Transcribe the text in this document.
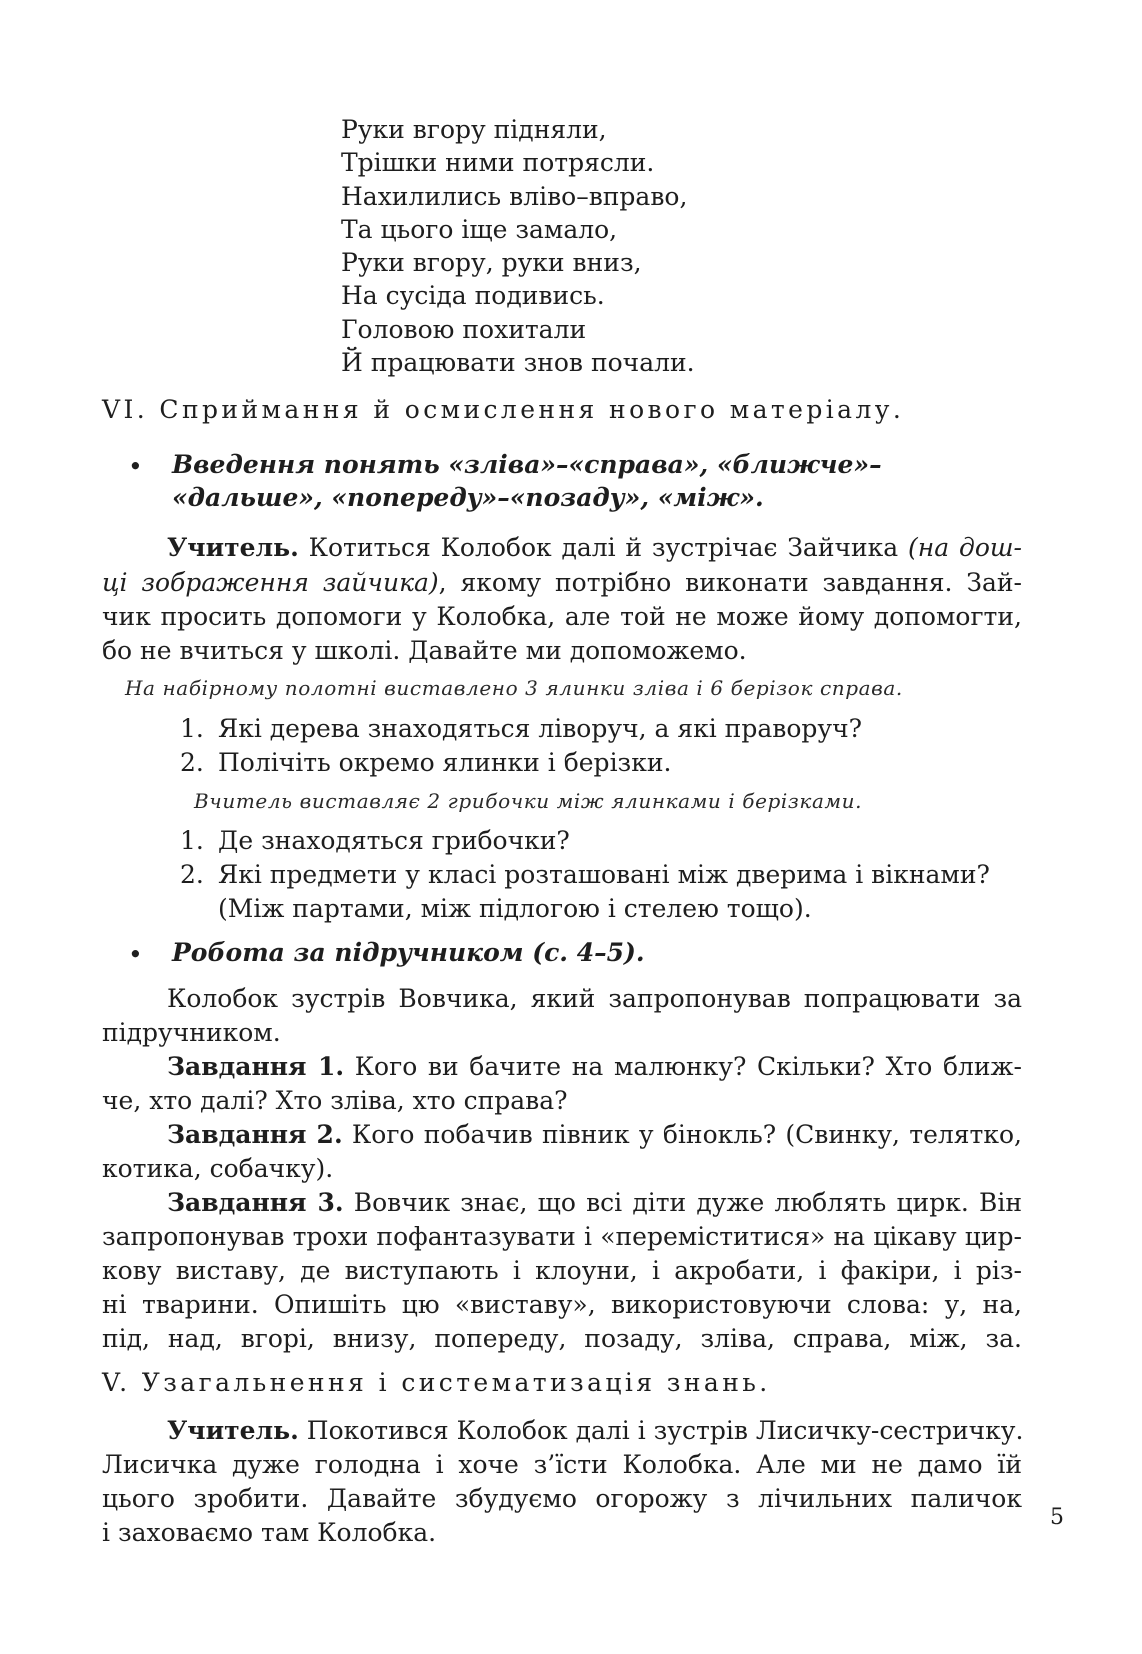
Руки вгору підняли,
Трішки ними потрясли.
Нахилились вліво–вправо,
Та цього іще замало,
Руки вгору, руки вниз,
На сусіда подивись.
Головою похитали
Й працювати знов почали.
VI. Сприймання й осмислення нового матеріалу.
• Введення понять «зліва»–«справа», «ближче»–
«дальше», «попереду»–«позаду», «між».
Учитель. Котиться Колобок далі й зустрічає Зайчика (на дош-
ці зображення зайчика), якому потрібно виконати завдання. Зай-
чик просить допомоги у Колобка, але той не може йому допомогти,
бо не вчиться у школі. Давайте ми допоможемо.
На набірному полотні виставлено 3 ялинки зліва і 6 берізок справа.
1. Які дерева знаходяться ліворуч, а які праворуч?
2. Полічіть окремо ялинки і берізки.
Вчитель виставляє 2 грибочки між ялинками і берізками.
1. Де знаходяться грибочки?
2. Які предмети у класі розташовані між дверима і вікнами?
(Між партами, між підлогою і стелею тощо).
• Робота за підручником (с. 4–5).
Колобок зустрів Вовчика, який запропонував попрацювати за
підручником.
Завдання 1. Кого ви бачите на малюнку? Скільки? Хто ближ-
че, хто далі? Хто зліва, хто справа?
Завдання 2. Кого побачив півник у бінокль? (Свинку, телятко,
котика, собачку).
Завдання 3. Вовчик знає, що всі діти дуже люблять цирк. Він
запропонував трохи пофантазувати і «переміститися» на цікаву цир-
кову виставу, де виступають і клоуни, і акробати, і факіри, і різ-
ні тварини. Опишіть цю «виставу», використовуючи слова: у, на,
під, над, вгорі, внизу, попереду, позаду, зліва, справа, між, за.
V. Узагальнення і систематизація знань.
Учитель. Покотився Колобок далі і зустрів Лисичку-сестричку.
Лисичка дуже голодна і хоче з’їсти Колобка. Але ми не дамо їй
цього зробити. Давайте збудуємо огорожу з лічильних паличок
і заховаємо там Колобка.
5
